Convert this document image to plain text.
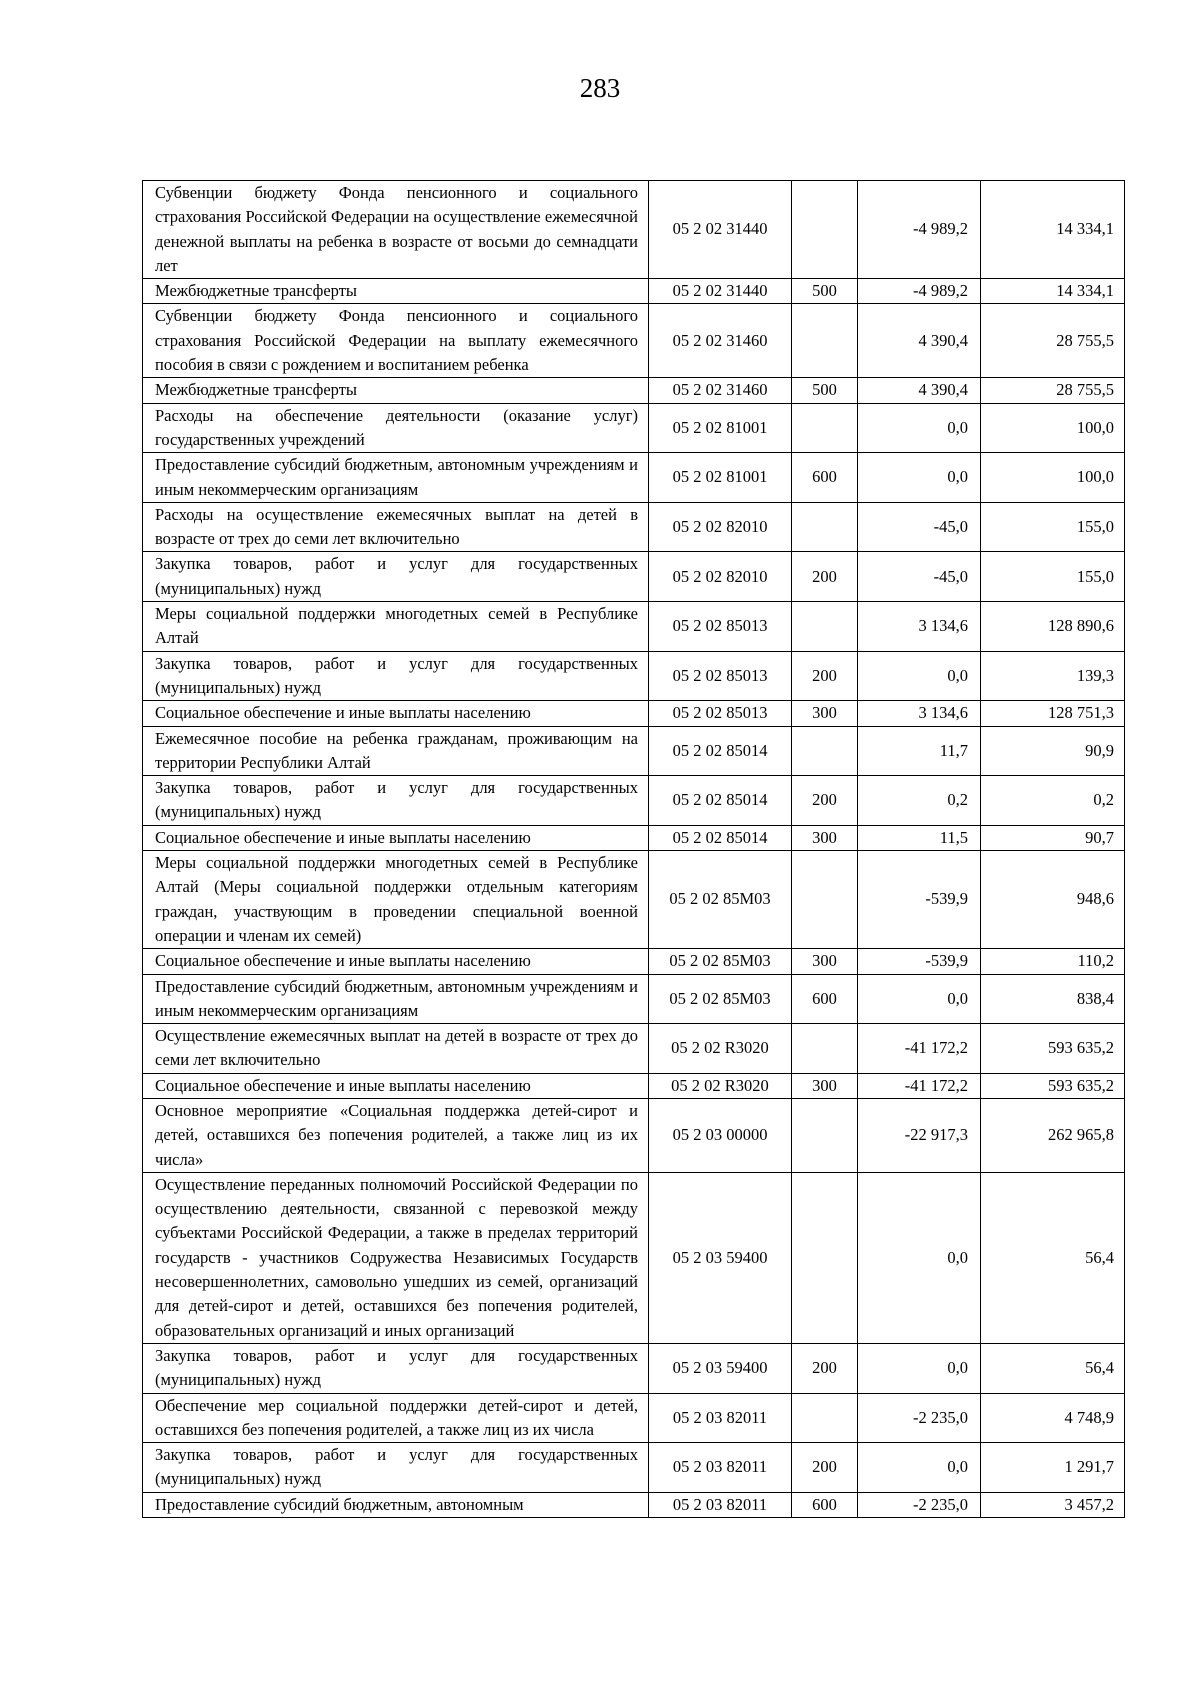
283
Субвенции бюджету Фонда пенсионного и социального страхования Российской Федерации на осуществление ежемесячной денежной выплаты на ребенка в возрасте от восьми до семнадцати лет	05 2 02 31440		-4 989,2	14 334,1
Межбюджетные трансферты	05 2 02 31440	500	-4 989,2	14 334,1
Субвенции бюджету Фонда пенсионного и социального страхования Российской Федерации на выплату ежемесячного пособия в связи с рождением и воспитанием ребенка	05 2 02 31460		4 390,4	28 755,5
Межбюджетные трансферты	05 2 02 31460	500	4 390,4	28 755,5
Расходы на обеспечение деятельности (оказание услуг) государственных учреждений	05 2 02 81001		0,0	100,0
Предоставление субсидий бюджетным, автономным учреждениям и иным некоммерческим организациям	05 2 02 81001	600	0,0	100,0
Расходы на осуществление ежемесячных выплат на детей в возрасте от трех до семи лет включительно	05 2 02 82010		-45,0	155,0
Закупка товаров, работ и услуг для государственных (муниципальных) нужд	05 2 02 82010	200	-45,0	155,0
Меры социальной поддержки многодетных семей в Республике Алтай	05 2 02 85013		3 134,6	128 890,6
Закупка товаров, работ и услуг для государственных (муниципальных) нужд	05 2 02 85013	200	0,0	139,3
Социальное обеспечение и иные выплаты населению	05 2 02 85013	300	3 134,6	128 751,3
Ежемесячное пособие на ребенка гражданам, проживающим на территории Республики Алтай	05 2 02 85014		11,7	90,9
Закупка товаров, работ и услуг для государственных (муниципальных) нужд	05 2 02 85014	200	0,2	0,2
Социальное обеспечение и иные выплаты населению	05 2 02 85014	300	11,5	90,7
Меры социальной поддержки многодетных семей в Республике Алтай (Меры социальной поддержки отдельным категориям граждан, участвующим в проведении специальной военной операции и членам их семей)	05 2 02 85М03		-539,9	948,6
Социальное обеспечение и иные выплаты населению	05 2 02 85М03	300	-539,9	110,2
Предоставление субсидий бюджетным, автономным учреждениям и иным некоммерческим организациям	05 2 02 85М03	600	0,0	838,4
Осуществление ежемесячных выплат на детей в возрасте от трех до семи лет включительно	05 2 02 R3020		-41 172,2	593 635,2
Социальное обеспечение и иные выплаты населению	05 2 02 R3020	300	-41 172,2	593 635,2
Основное мероприятие «Социальная поддержка детей-сирот и детей, оставшихся без попечения родителей, а также лиц из их числа»	05 2 03 00000		-22 917,3	262 965,8
Осуществление переданных полномочий Российской Федерации по осуществлению деятельности, связанной с перевозкой между субъектами Российской Федерации, а также в пределах территорий государств - участников Содружества Независимых Государств несовершеннолетних, самовольно ушедших из семей, организаций для детей-сирот и детей, оставшихся без попечения родителей, образовательных организаций и иных организаций	05 2 03 59400		0,0	56,4
Закупка товаров, работ и услуг для государственных (муниципальных) нужд	05 2 03 59400	200	0,0	56,4
Обеспечение мер социальной поддержки детей-сирот и детей, оставшихся без попечения родителей, а также лиц из их числа	05 2 03 82011		-2 235,0	4 748,9
Закупка товаров, работ и услуг для государственных (муниципальных) нужд	05 2 03 82011	200	0,0	1 291,7
Предоставление субсидий бюджетным, автономным	05 2 03 82011	600	-2 235,0	3 457,2
